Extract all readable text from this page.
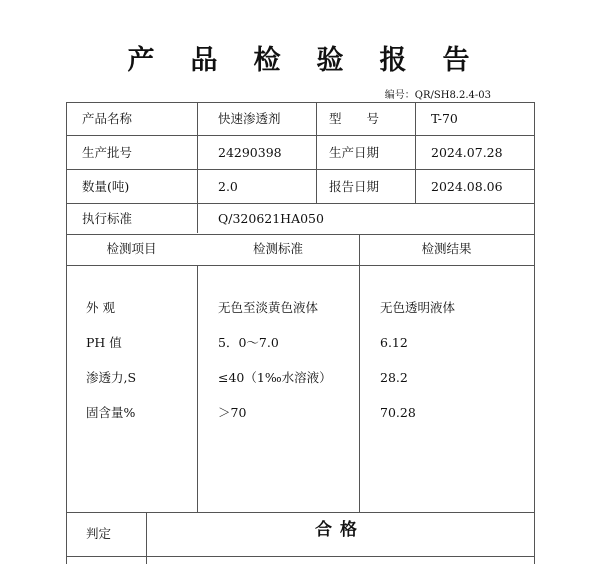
产品检验报告
编号：QR/SH8.2.4-03
产品名称	快速渗透剂	型　　号	T-70
生产批号	24290398	生产日期	2024.07.28
数量(吨)	2.0	报告日期	2024.08.06
执行标准	Q/320621HA050
检测项目	检测标准	检测结果
外 观	无色至淡黄色液体	无色透明液体
PH 值	5．0～7.0	6.12
渗透力,S	≤40（1‰水溶液）	28.2
固含量%	＞70	70.28
判定	合格
